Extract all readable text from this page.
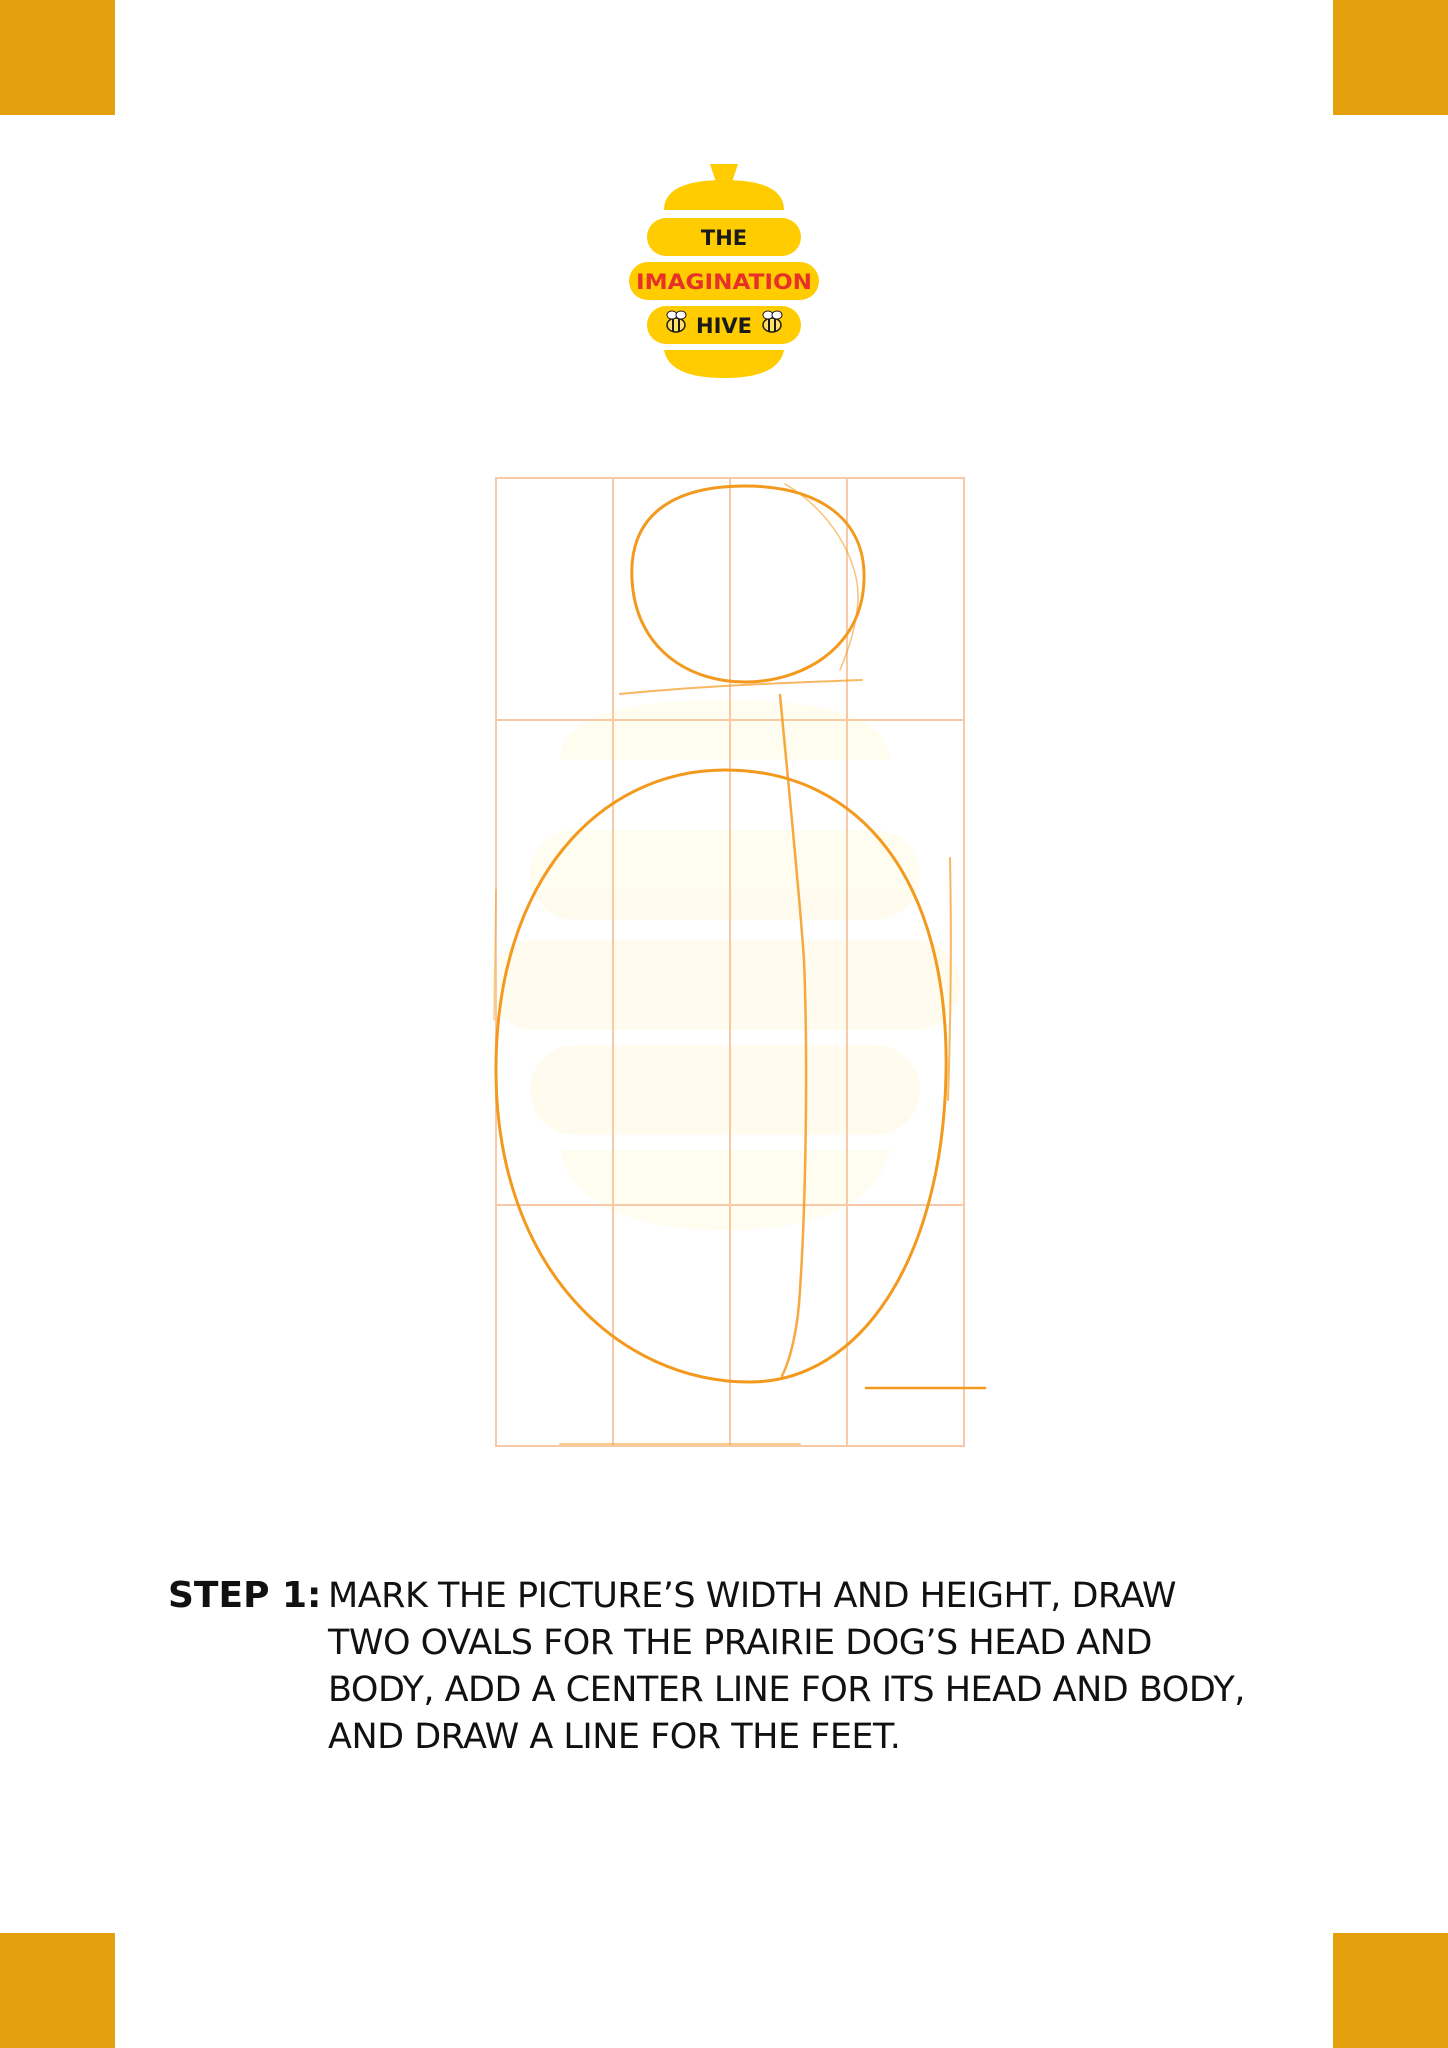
THE
IMAGINATION
HIVE
STEP 1: MARK THE PICTURE’S WIDTH AND HEIGHT, DRAW TWO OVALS FOR THE PRAIRIE DOG’S HEAD AND BODY, ADD A CENTER LINE FOR ITS HEAD AND BODY, AND DRAW A LINE FOR THE FEET.
